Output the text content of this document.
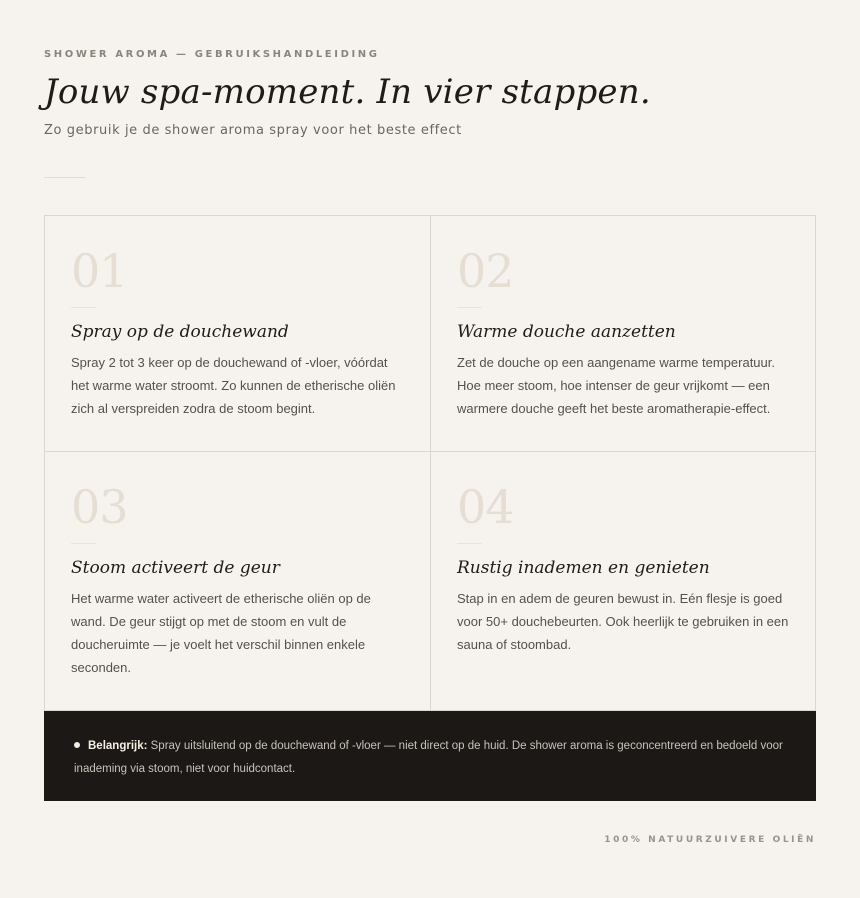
SHOWER AROMA — GEBRUIKSHANDLEIDING
Jouw spa-moment. In vier stappen.
Zo gebruik je de shower aroma spray voor het beste effect
01
Spray op de douchewand

Spray 2 tot 3 keer op de douchewand of -vloer, vóórdat het warme water stroomt. Zo kunnen de etherische oliën zich al verspreiden zodra de stoom begint.

02
Warme douche aanzetten

Zet de douche op een aangename warme temperatuur. Hoe meer stoom, hoe intenser de geur vrijkomt — een warmere douche geeft het beste aromatherapie-effect.

03
Stoom activeert de geur

Het warme water activeert de etherische oliën op de wand. De geur stijgt op met de stoom en vult de doucheruimte — je voelt het verschil binnen enkele seconden.

04
Rustig inademen en genieten

Stap in en adem de geuren bewust in. Eén flesje is goed voor 50+ douchebeurten. Ook heerlijk te gebruiken in een sauna of stoombad.

Belangrijk: Spray uitsluitend op de douchewand of -vloer — niet direct op de huid. De shower aroma is geconcentreerd en bedoeld voor inademing via stoom, niet voor huidcontact.
100% NATUURZUIVERE OLIËN
